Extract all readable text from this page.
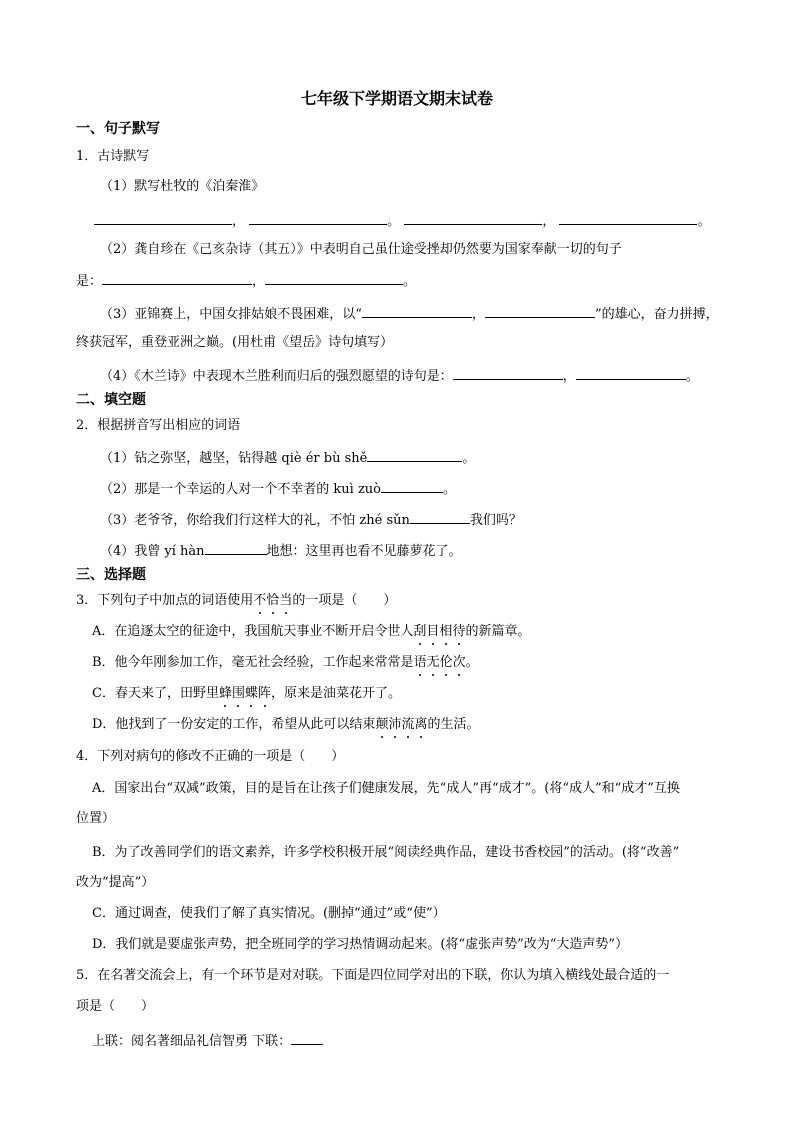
七年级下学期语文期末试卷
一、句子默写
1．古诗默写
（1）默写杜牧的《泊秦淮》
，	。	，	。
（2）龚自珍在《己亥杂诗（其五）》中表明自己虽仕途受挫却仍然要为国家奉献一切的句子
是：	，	。
（3）亚锦赛上，中国女排姑娘不畏困难，以“	，	”的雄心，奋力拼搏，
终获冠军，重登亚洲之巅。(用杜甫《望岳》诗句填写）
（4）《木兰诗》中表现木兰胜利而归后的强烈愿望的诗句是：	，	。
二、填空题
2．根据拼音写出相应的词语
（1）钻之弥坚，越坚，钻得越 qiè ér bù shě	。
（2）那是一个幸运的人对一个不幸者的 kuì zuò	。
（3）老爷爷，你给我们行这样大的礼，不怕 zhé sǔn	我们吗？
（4）我曾 yí hàn	地想：这里再也看不见藤萝花了。
三、选择题
3．下列句子中加点的词语使用不恰当的一项是（　　）
A．在追逐太空的征途中，我国航天事业不断开启令世人刮目相待的新篇章。
B．他今年刚参加工作，毫无社会经验，工作起来常常是语无伦次。
C．春天来了，田野里蜂围蝶阵，原来是油菜花开了。
D．他找到了一份安定的工作，希望从此可以结束颠沛流离的生活。
4．下列对病句的修改不正确的一项是（　　）
A．国家出台“双减”政策，目的是旨在让孩子们健康发展，先“成人”再“成才”。(将“成人”和“成才”互换
位置）
B．为了改善同学们的语文素养，许多学校积极开展“阅读经典作品，建设书香校园”的活动。(将“改善”
改为“提高”）
C．通过调查，使我们了解了真实情况。(删掉“通过”或“使”）
D．我们就是要虚张声势，把全班同学的学习热情调动起来。(将“虚张声势”改为“大造声势”）
5．在名著交流会上，有一个环节是对对联。下面是四位同学对出的下联，你认为填入横线处最合适的一
项是（　　）
上联：阅名著细品礼信智勇 下联：
